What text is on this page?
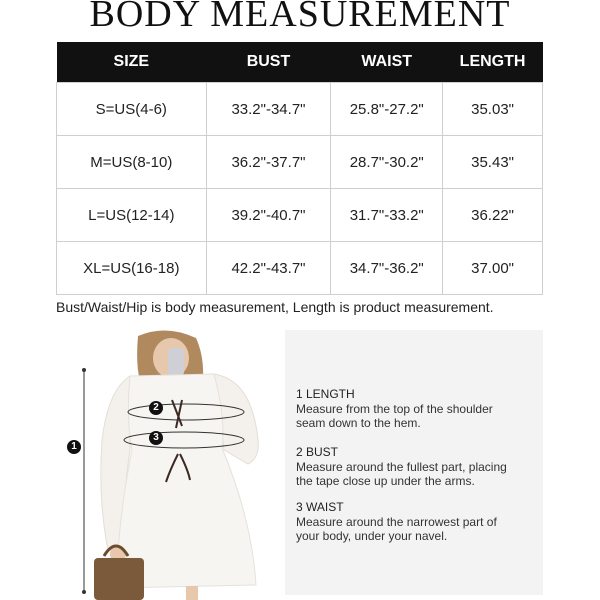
BODY MEASUREMENT
SIZE	BUST	WAIST	LENGTH
S=US(4-6)	33.2"-34.7"	25.8"-27.2"	35.03"
M=US(8-10)	36.2"-37.7"	28.7"-30.2"	35.43"
L=US(12-14)	39.2"-40.7"	31.7"-33.2"	36.22"
XL=US(16-18)	42.2"-43.7"	34.7"-36.2"	37.00"
Bust/Waist/Hip is body measurement, Length is product measurement.
1
2
3
1 LENGTH
Measure from the top of the shoulder
seam down to the hem.
2 BUST
Measure around the fullest part, placing
the tape close up under the arms.
3 WAIST
Measure around the narrowest part of
your body, under your navel.
